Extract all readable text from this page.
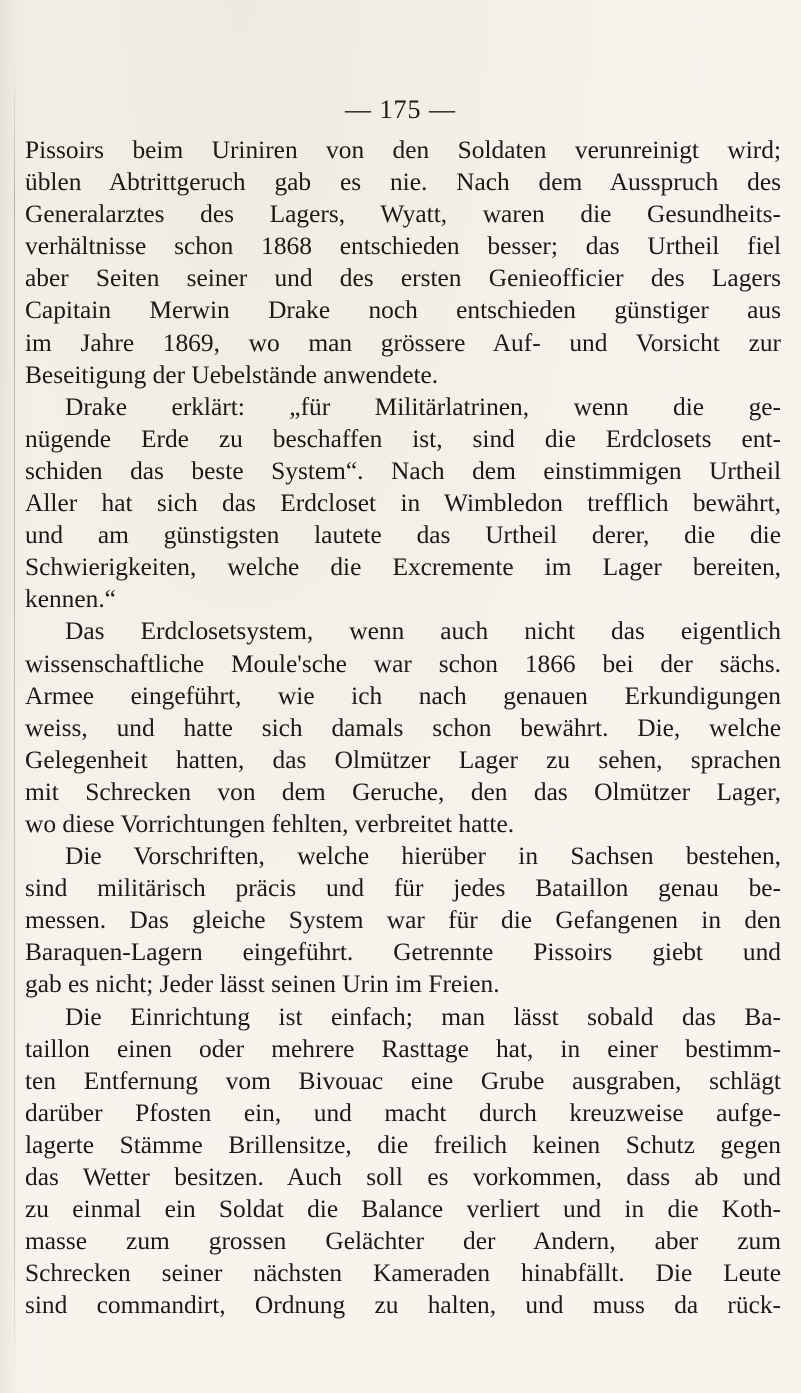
— 175 —
Pissoirs beim Uriniren von den Soldaten verunreinigt wird;
üblen Abtrittgeruch gab es nie. Nach dem Ausspruch des
Generalarztes des Lagers, Wyatt, waren die Gesundheits-
verhältnisse schon 1868 entschieden besser; das Urtheil fiel
aber Seiten seiner und des ersten Genieofficier des Lagers
Capitain Merwin Drake noch entschieden günstiger aus
im Jahre 1869, wo man grössere Auf- und Vorsicht zur
Beseitigung der Uebelstände anwendete.
Drake erklärt: „für Militärlatrinen, wenn die ge-
nügende Erde zu beschaffen ist, sind die Erdclosets ent-
schiden das beste System“. Nach dem einstimmigen Urtheil
Aller hat sich das Erdcloset in Wimbledon trefflich bewährt,
und am günstigsten lautete das Urtheil derer, die die
Schwierigkeiten, welche die Excremente im Lager bereiten,
kennen.“
Das Erdclosetsystem, wenn auch nicht das eigentlich
wissenschaftliche Moule'sche war schon 1866 bei der sächs.
Armee eingeführt, wie ich nach genauen Erkundigungen
weiss, und hatte sich damals schon bewährt. Die, welche
Gelegenheit hatten, das Olmützer Lager zu sehen, sprachen
mit Schrecken von dem Geruche, den das Olmützer Lager,
wo diese Vorrichtungen fehlten, verbreitet hatte.
Die Vorschriften, welche hierüber in Sachsen bestehen,
sind militärisch präcis und für jedes Bataillon genau be-
messen. Das gleiche System war für die Gefangenen in den
Baraquen-Lagern eingeführt. Getrennte Pissoirs giebt und
gab es nicht; Jeder lässt seinen Urin im Freien.
Die Einrichtung ist einfach; man lässt sobald das Ba-
taillon einen oder mehrere Rasttage hat, in einer bestimm-
ten Entfernung vom Bivouac eine Grube ausgraben, schlägt
darüber Pfosten ein, und macht durch kreuzweise aufge-
lagerte Stämme Brillensitze, die freilich keinen Schutz gegen
das Wetter besitzen. Auch soll es vorkommen, dass ab und
zu einmal ein Soldat die Balance verliert und in die Koth-
masse zum grossen Gelächter der Andern, aber zum
Schrecken seiner nächsten Kameraden hinabfällt. Die Leute
sind commandirt, Ordnung zu halten, und muss da rück-
